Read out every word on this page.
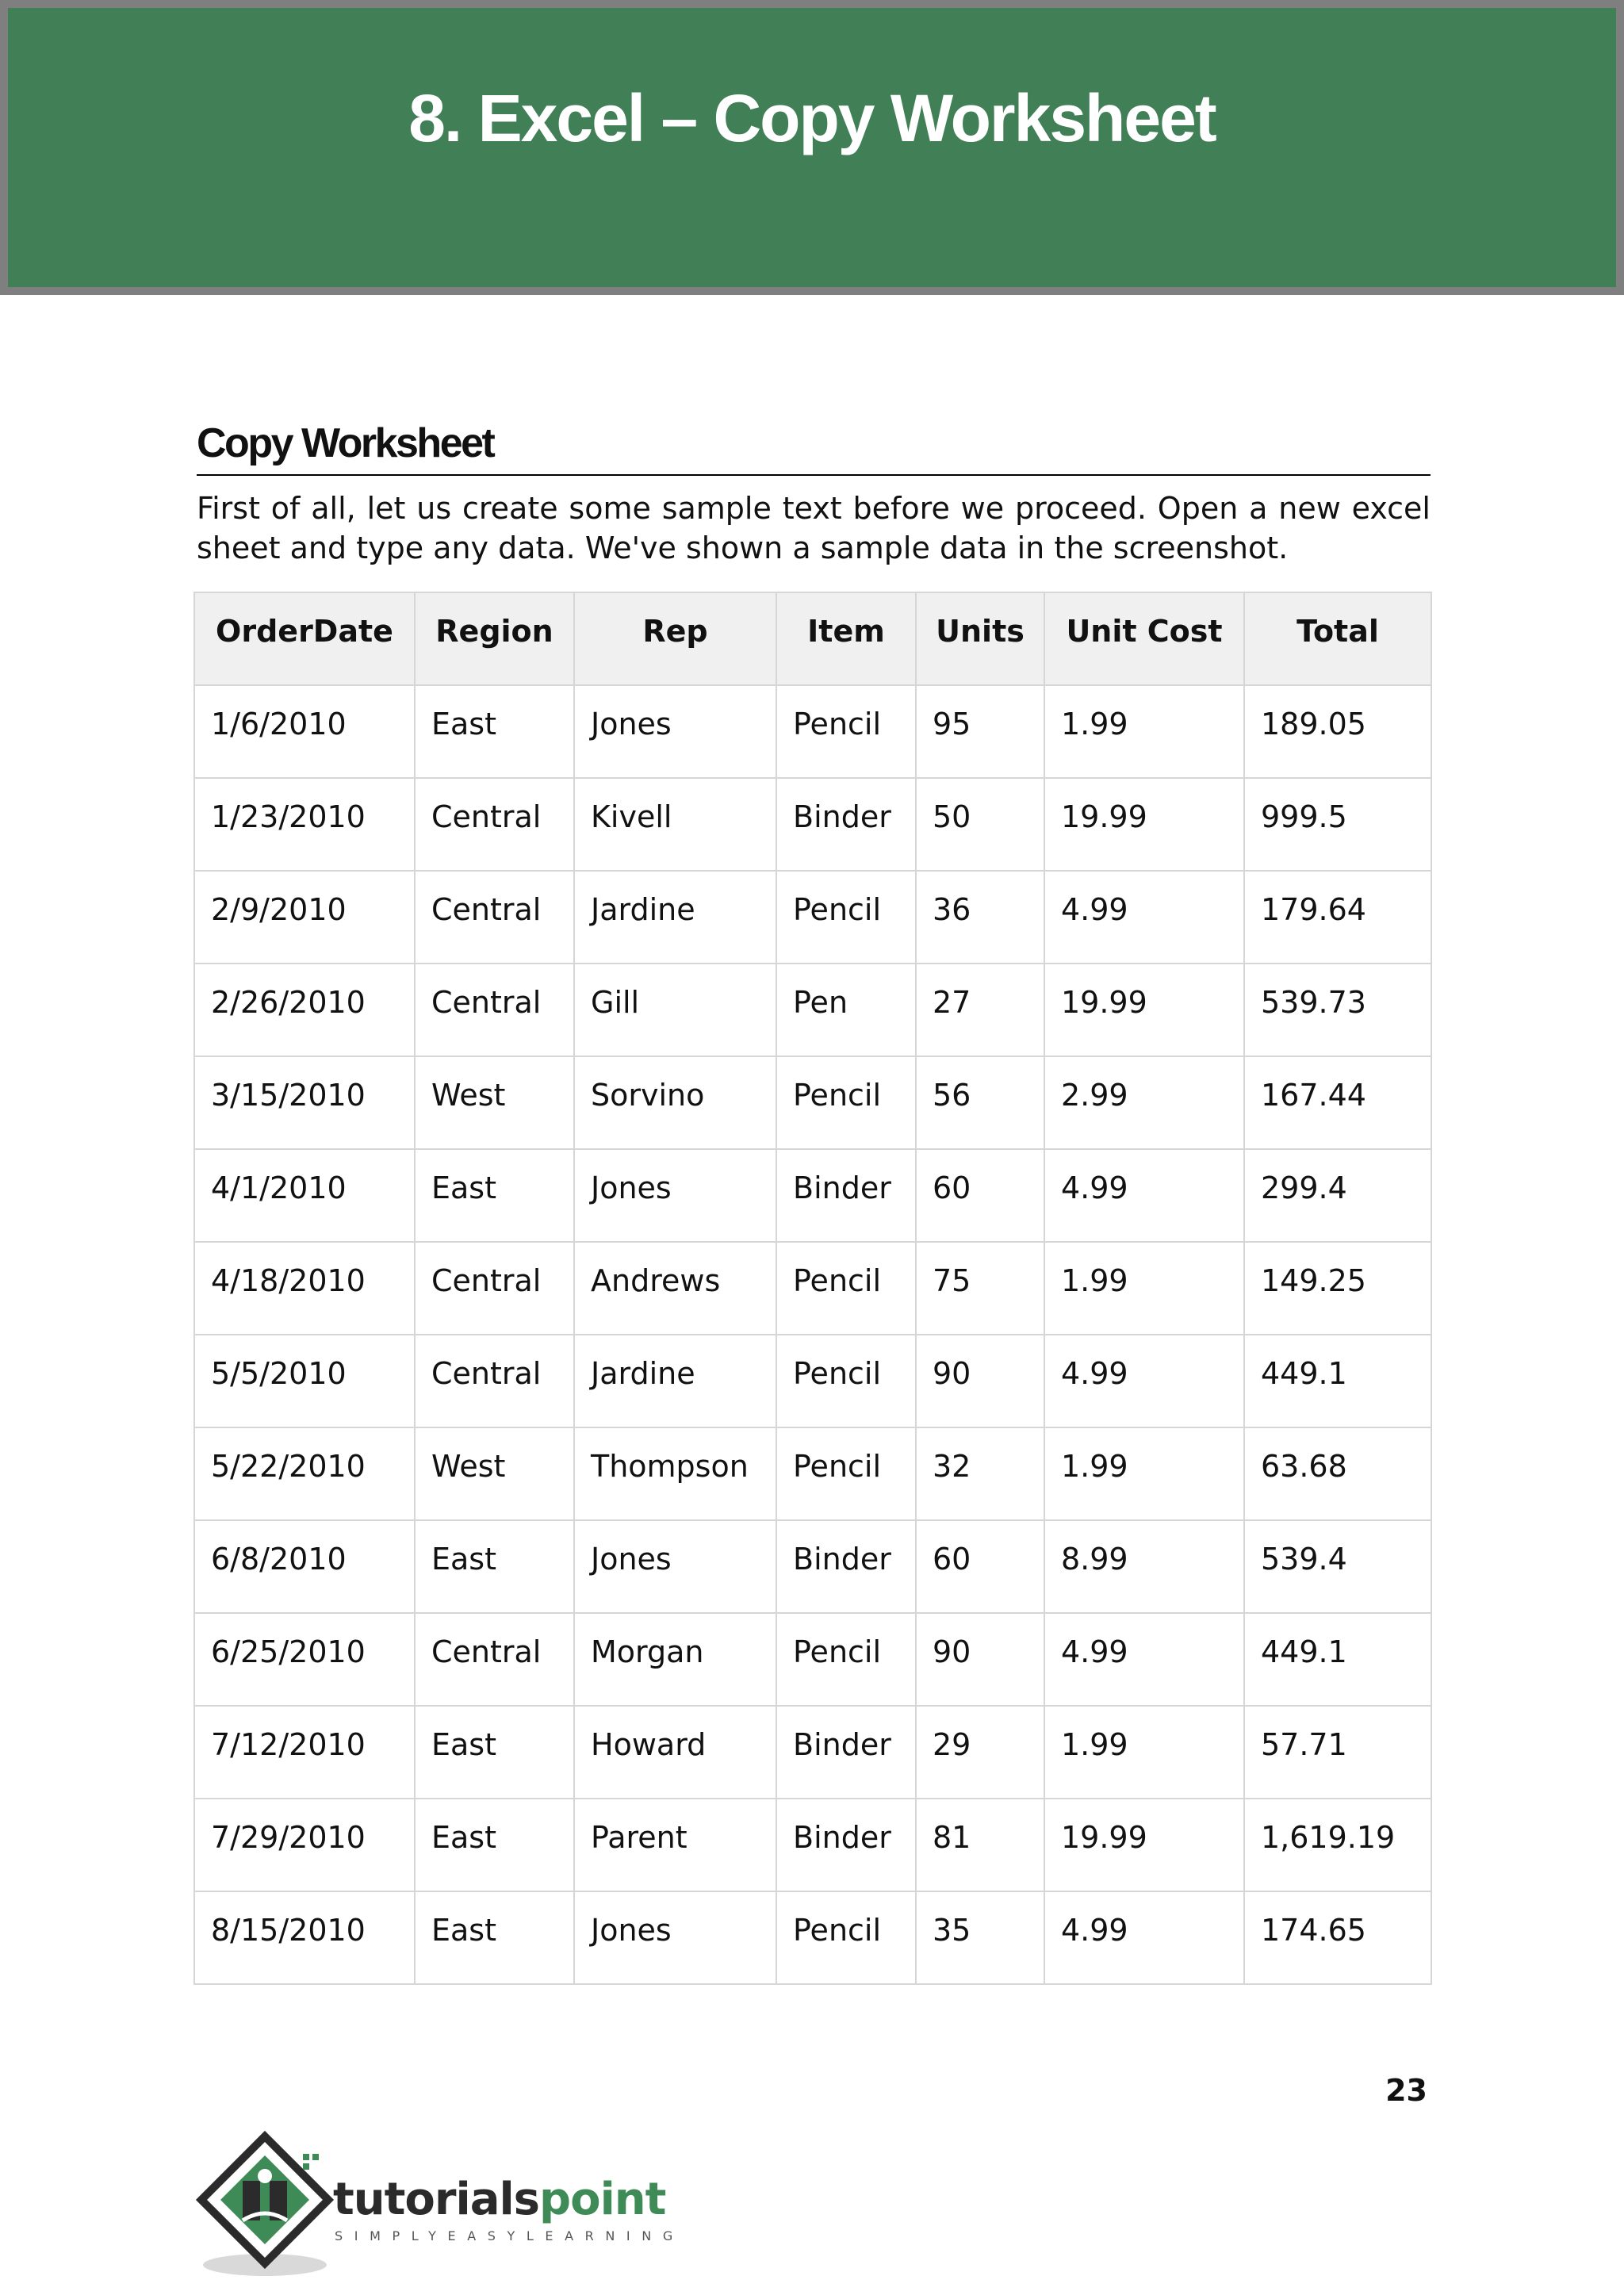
8. Excel – Copy Worksheet
Copy Worksheet

First of all, let us create some sample text before we proceed. Open a new excel sheet and type any data. We've shown a sample data in the screenshot.

OrderDate	Region	Rep	Item	Units	Unit Cost	Total
1/6/2010	East	Jones	Pencil	95	1.99	189.05
1/23/2010	Central	Kivell	Binder	50	19.99	999.5
2/9/2010	Central	Jardine	Pencil	36	4.99	179.64
2/26/2010	Central	Gill	Pen	27	19.99	539.73
3/15/2010	West	Sorvino	Pencil	56	2.99	167.44
4/1/2010	East	Jones	Binder	60	4.99	299.4
4/18/2010	Central	Andrews	Pencil	75	1.99	149.25
5/5/2010	Central	Jardine	Pencil	90	4.99	449.1
5/22/2010	West	Thompson	Pencil	32	1.99	63.68
6/8/2010	East	Jones	Binder	60	8.99	539.4
6/25/2010	Central	Morgan	Pencil	90	4.99	449.1
7/12/2010	East	Howard	Binder	29	1.99	57.71
7/29/2010	East	Parent	Binder	81	19.99	1,619.19
8/15/2010	East	Jones	Pencil	35	4.99	174.65
23
tutorialspoint
SIMPLYEASYLEARNING
